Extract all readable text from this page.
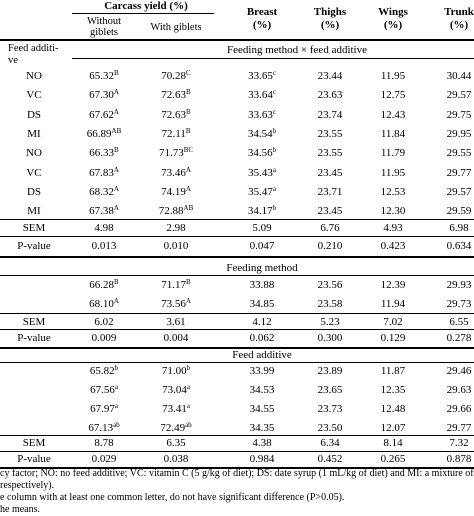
Carcass yield (%)
Without
giblets	With giblets
Breast
(%)
Thighs
(%)
Wings
(%)
Trunk
(%)
Feed additi-
ve
Feeding method × feed additive
NO	$65.32^B$	$70.28^C$	33.65$^c$	23.44	11.95	30.44
VC	$67.30^A$	$72.63^B$	33.64$^c$	23.63	12.75	29.57
DS	$67.62^A$	$72.63^B$	33.63$^c$	23.74	12.43	29.75
MI	$66.89^{AB}$	$72.11^B$	34.54$^b$	23.55	11.84	29.95
NO	$66.33^B$	$71.73^{BC}$	34.56$^b$	23.55	11.79	29.55
VC	$67.83^A$	$73.46^A$	35.43$^a$	23.45	11.95	29.77
DS	$68.32^A$	$74.19^A$	35.47$^a$	23.71	12.53	29.57
MI	$67.38^A$	$72.88^{AB}$	34.17$^b$	23.45	12.30	29.59
SEM	4.98	2.98	5.09	6.76	4.93	6.98
P-value	0.013	0.010	0.047	0.210	0.423	0.634
Feeding method
$66.28^B$	$71.17^B$	33.88	23.56	12.39	29.93
$68.10^A$	$73.56^A$	34.85	23.58	11.94	29.73
SEM	6.02	3.61	4.12	5.23	7.02	6.55
P-value	0.009	0.004	0.062	0.300	0.129	0.278
Feed additive
65.82$^b$	71.00$^b$	33.99	23.89	11.87	29.46
67.56$^a$	73.04$^a$	34.53	23.65	12.35	29.63
67.97$^a$	73.41$^a$	34.55	23.73	12.48	29.66
67.13$^{ab}$	72.49$^{ab}$	34.35	23.50	12.07	29.77
SEM	8.78	6.35	4.38	6.34	8.14	7.32
P-value	0.029	0.038	0.984	0.452	0.265	0.878
cy factor; NO: no feed additive; VC: vitamin C (5 g/kg of diet); DS: date syrup (1 mL/kg of diet) and MI: a mixture of
respectively).
e column with at least one common letter, do not have significant difference (P>0.05).
he means.
